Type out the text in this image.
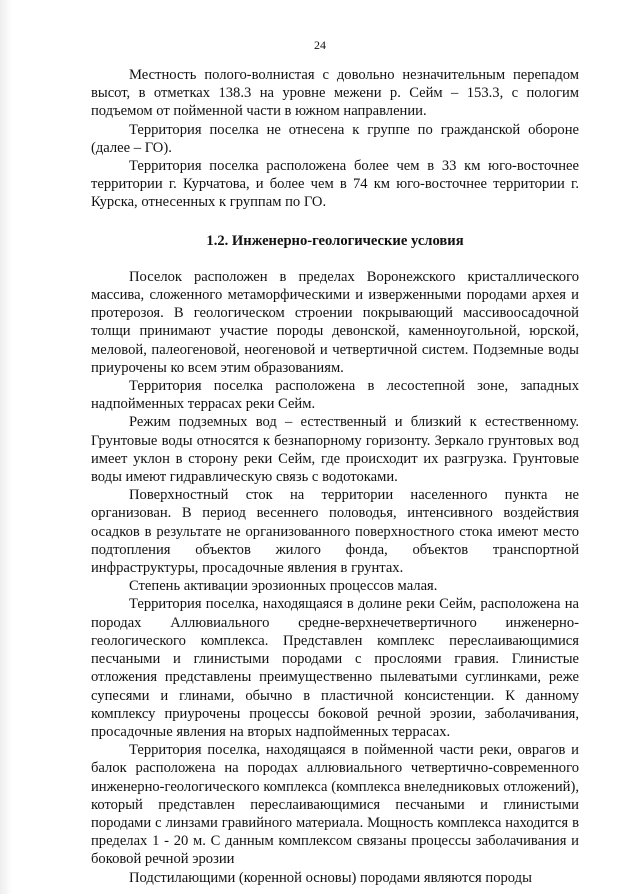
24

Местность полого-волнистая с довольно незначительным перепадом высот, в отметках 138.3 на уровне межени р. Сейм – 153.3, с пологим подъемом от пойменной части в южном направлении.

Территория поселка не отнесена к группе по гражданской обороне (далее – ГО).

Территория поселка расположена более чем в 33 км юго-восточнее территории г. Курчатова, и более чем в 74 км юго-восточнее территории г. Курска, отнесенных к группам по ГО.

1.2. Инженерно-геологические условия

Поселок расположен в пределах Воронежского кристаллического массива, сложенного метаморфическими и изверженными породами архея и протерозоя. В геологическом строении покрывающий массивоосадочной толщи принимают участие породы девонской, каменноугольной, юрской, меловой, палеогеновой, неогеновой и четвертичной систем. Подземные воды приурочены ко всем этим образованиям.

Территория поселка расположена в лесостепной зоне, западных надпойменных террасах реки Сейм.

Режим подземных вод – естественный и близкий к естественному. Грунтовые воды относятся к безнапорному горизонту. Зеркало грунтовых вод имеет уклон в сторону реки Сейм, где происходит их разгрузка. Грунтовые воды имеют гидравлическую связь с водотоками.

Поверхностный сток на территории населенного пункта не организован. В период весеннего половодья, интенсивного воздействия осадков в результате не организованного поверхностного стока имеют место подтопления объектов жилого фонда, объектов транспортной инфраструктуры, просадочные явления в грунтах.

Степень активации эрозионных процессов малая.

Территория поселка, находящаяся в долине реки Сейм, расположена на породах Аллювиального средне-верхнечетвертичного инженерно-геологического комплекса. Представлен комплекс переслаивающимися песчаными и глинистыми породами с прослоями гравия. Глинистые отложения представлены преимущественно пылеватыми суглинками, реже супесями и глинами, обычно в пластичной консистенции. К данному комплексу приурочены процессы боковой речной эрозии, заболачивания, просадочные явления на вторых надпойменных террасах.

Территория поселка, находящаяся в пойменной части реки, оврагов и балок расположена на породах аллювиального четвертично-современного инженерно-геологического комплекса (комплекса внеледниковых отложений), который представлен переслаивающимися песчаными и глинистыми породами с линзами гравийного материала. Мощность комплекса находится в пределах 1 - 20 м. С данным комплексом связаны процессы заболачивания и боковой речной эрозии

Подстилающими (коренной основы) породами являются породы
